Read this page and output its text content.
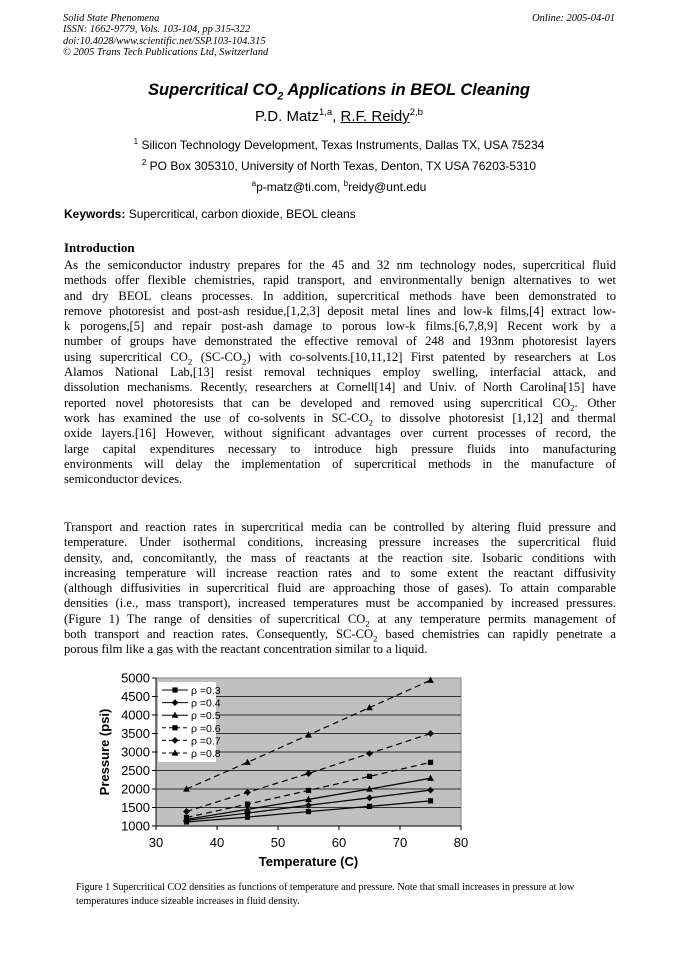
Solid State Phenomena
ISSN: 1662-9779, Vols. 103-104, pp 315-322
doi:10.4028/www.scientific.net/SSP.103-104.315
© 2005 Trans Tech Publications Ltd, Switzerland
Online: 2005-04-01
Supercritical $CO_2$ Applications in BEOL Cleaning
P.D. Matz$^{1,a}$, R.F. Reidy$^{2,b}$
$^1$ Silicon Technology Development, Texas Instruments, Dallas TX, USA 75234
$^2$ PO Box 305310, University of North Texas, Denton, TX USA 76203-5310
$^a$p-matz@ti.com, $^b$reidy@unt.edu
Keywords: Supercritical, carbon dioxide, BEOL cleans
Introduction
As the semiconductor industry prepares for the 45 and 32 nm technology nodes, supercritical fluid
methods offer flexible chemistries, rapid transport, and environmentally benign alternatives to wet
and dry BEOL cleans processes. In addition, supercritical methods have been demonstrated to
remove photoresist and post-ash residue,[1,2,3] deposit metal lines and low-k films,[4] extract low-
k porogens,[5] and repair post-ash damage to porous low-k films.[6,7,8,9] Recent work by a
number of groups have demonstrated the effective removal of 248 and 193nm photoresist layers
using supercritical $CO_2$ $(SC-CO_2)$ with co-solvents.[10,11,12] First patented by researchers at Los
Alamos National Lab,[13] resist removal techniques employ swelling, interfacial attack, and
dissolution mechanisms. Recently, researchers at Cornell[14] and Univ. of North Carolina[15] have
reported novel photoresists that can be developed and removed using supercritical $CO_2$. Other
work has examined the use of co-solvents in $SC-CO_2$ to dissolve photoresist [1,12] and thermal
oxide layers.[16] However, without significant advantages over current processes of record, the
large capital expenditures necessary to introduce high pressure fluids into manufacturing
environments will delay the implementation of supercritical methods in the manufacture of
semiconductor devices.
Transport and reaction rates in supercritical media can be controlled by altering fluid pressure and
temperature. Under isothermal conditions, increasing pressure increases the supercritical fluid
density, and, concomitantly, the mass of reactants at the reaction site. Isobaric conditions with
increasing temperature will increase reaction rates and to some extent the reactant diffusivity
(although diffusivities in supercritical fluid are approaching those of gases). To attain comparable
densities (i.e., mass transport), increased temperatures must be accompanied by increased pressures.
(Figure 1) The range of densities of supercritical $CO_2$ at any temperature permits management of
both transport and reaction rates. Consequently, $SC-CO_2$ based chemistries can rapidly penetrate a
porous film like a gas with the reactant concentration similar to a liquid.
1000
1500
2000
2500
3000
3500
4000
4500
5000
30	40	50	60	70	80
Temperature (C)
Pressure (psi)
ρ =0.3
ρ =0.4
ρ =0.5
ρ =0.6
ρ =0.7
ρ =0.8
Figure 1 Supercritical CO2 densities as functions of temperature and pressure. Note that small increases in pressure at low temperatures induce sizeable increases in fluid density.
